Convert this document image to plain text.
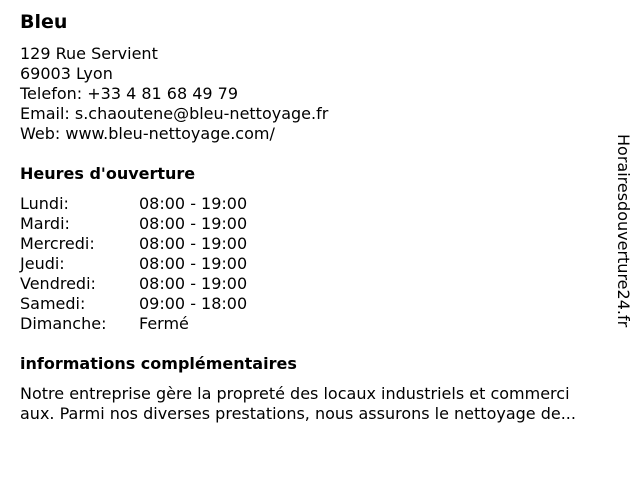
Bleu
129 Rue Servient
69003 Lyon
Telefon: +33 4 81 68 49 79
Email: s.chaoutene@bleu-nettoyage.fr
Web: www.bleu-nettoyage.com/
Heures d'ouverture
Lundi:	08:00 - 19:00
Mardi:	08:00 - 19:00
Mercredi:	08:00 - 19:00
Jeudi:	08:00 - 19:00
Vendredi:	08:00 - 19:00
Samedi:	09:00 - 18:00
Dimanche: Fermé
informations complémentaires
Notre entreprise gère la propreté des locaux industriels et commerci
aux. Parmi nos diverses prestations, nous assurons le nettoyage de...
Horairesdouverture24.fr
